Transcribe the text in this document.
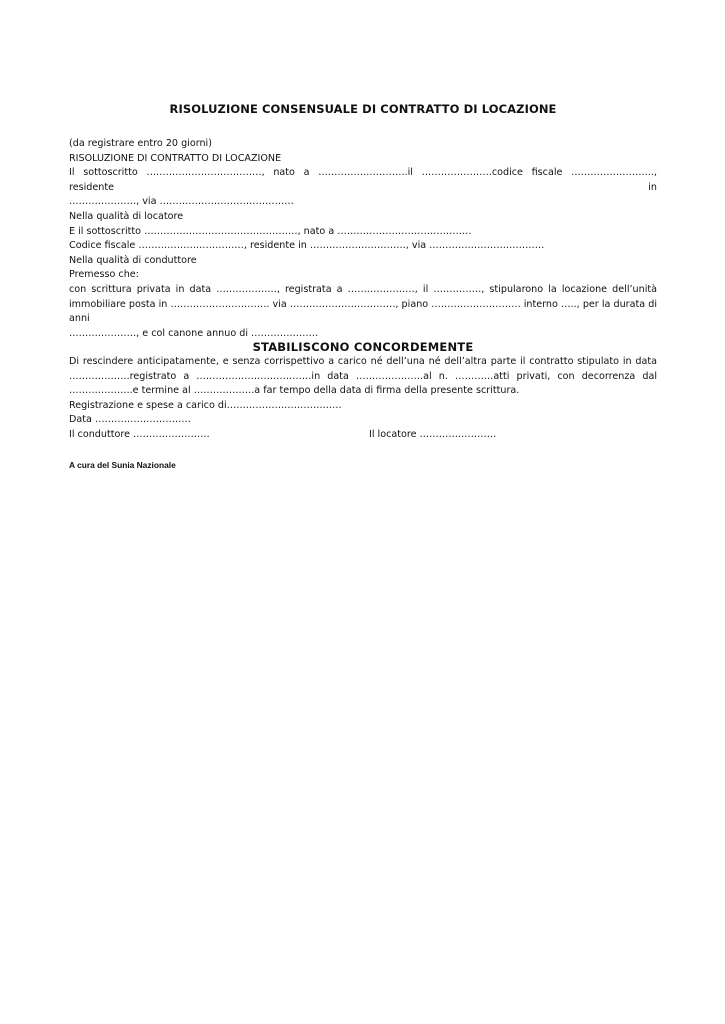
RISOLUZIONE CONSENSUALE DI CONTRATTO DI LOCAZIONE
(da registrare entro 20 giorni)
RISOLUZIONE DI CONTRATTO DI LOCAZIONE
Il sottoscritto ………………………………, nato a ……………………….il ………………….codice fiscale …………………….., residente in
…………………, via ……………………………………
Nella qualità di locatore
E il sottoscritto …………………………………………, nato a ……………………………………
Codice fiscale ……………………………, residente in …………………………, via ………………………………
Nella qualità di conduttore
Premesso che:
con scrittura privata in data ………………., registrata a …………………, il ……………, stipularono la locazione dell’unità
immobiliare posta in …………………………. via ……………………………, piano ………………………. interno ….., per la durata di anni
…………………, e col canone annuo di …………………
STABILISCONO CONCORDEMENTE
Di rescindere anticipatamente, e senza corrispettivo a carico né dell’una né dell’altra parte il contratto stipulato in data
……………….registrato a ………………………………in data …………………al n. …………atti privati, con decorrenza dal
………………..e termine al ……………….a far tempo della data di firma della presente scrittura.
Registrazione e spese a carico di………………………………
Data …………………………
Il conduttore ……………………	Il locatore ……………………
A cura del Sunia Nazionale
